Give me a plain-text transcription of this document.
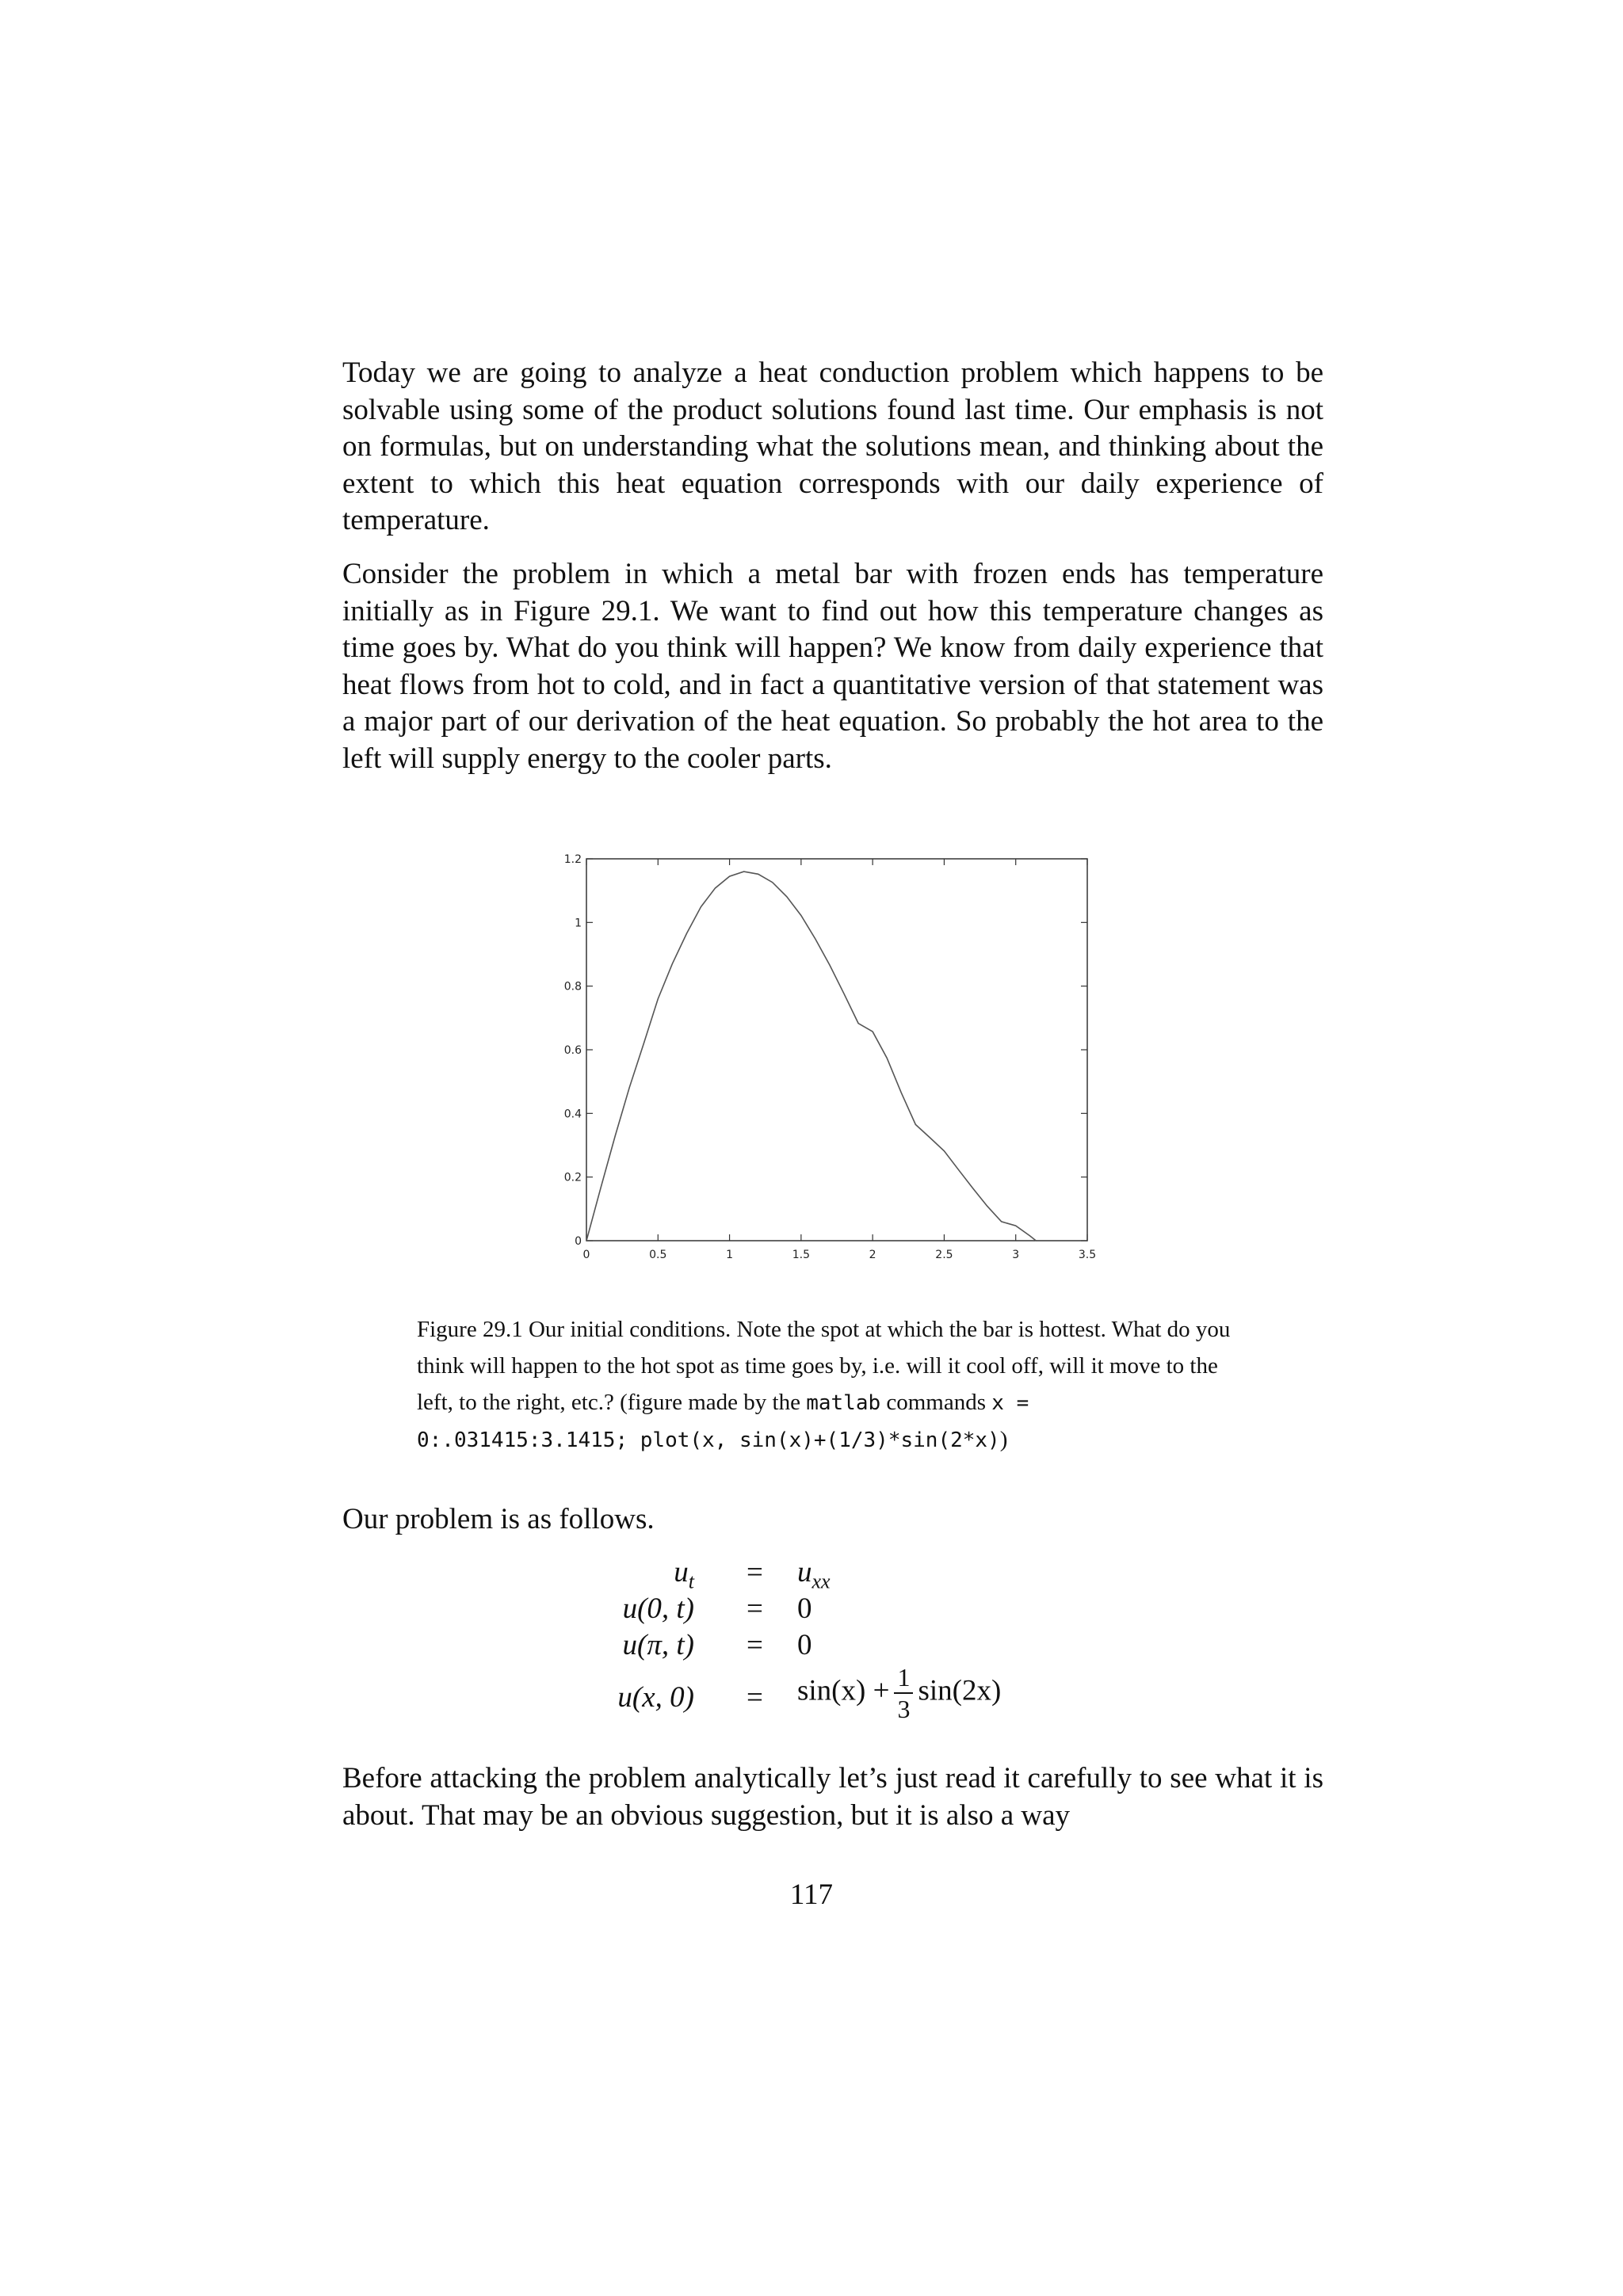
Today we are going to analyze a heat conduction problem which happens to be solvable using some of the product solutions found last time. Our emphasis is not on formulas, but on understanding what the solutions mean, and thinking about the extent to which this heat equation corresponds with our daily experience of temperature.

Consider the problem in which a metal bar with frozen ends has temperature initially as in Figure 29.1. We want to find out how this temperature changes as time goes by. What do you think will happen? We know from daily experience that heat flows from hot to cold, and in fact a quantitative version of that statement was a major part of our derivation of the heat equation. So probably the hot area to the left will supply energy to the cooler parts.

0	0.5	1	1.5	2	2.5	3	3.5
0
0.2
0.4
0.6
0.8
1
1.2

Figure 29.1 Our initial conditions. Note the spot at which the bar is hottest. What do you think will happen to the hot spot as time goes by, i.e. will it cool off, will it move to the left, to the right, etc.? (figure made by the matlab commands x = 0:.031415:3.1415; plot(x, sin(x)+(1/3)*sin(2*x))

Our problem is as follows.

$u_t = u_{xx}$
u(0, t) = 0
u(π, t) = 0
u(x, $0) = \sin(x) + \frac{1}{3} \sin(2x)$

Before attacking the problem analytically let’s just read it carefully to see what it is about. That may be an obvious suggestion, but it is also a way

117
